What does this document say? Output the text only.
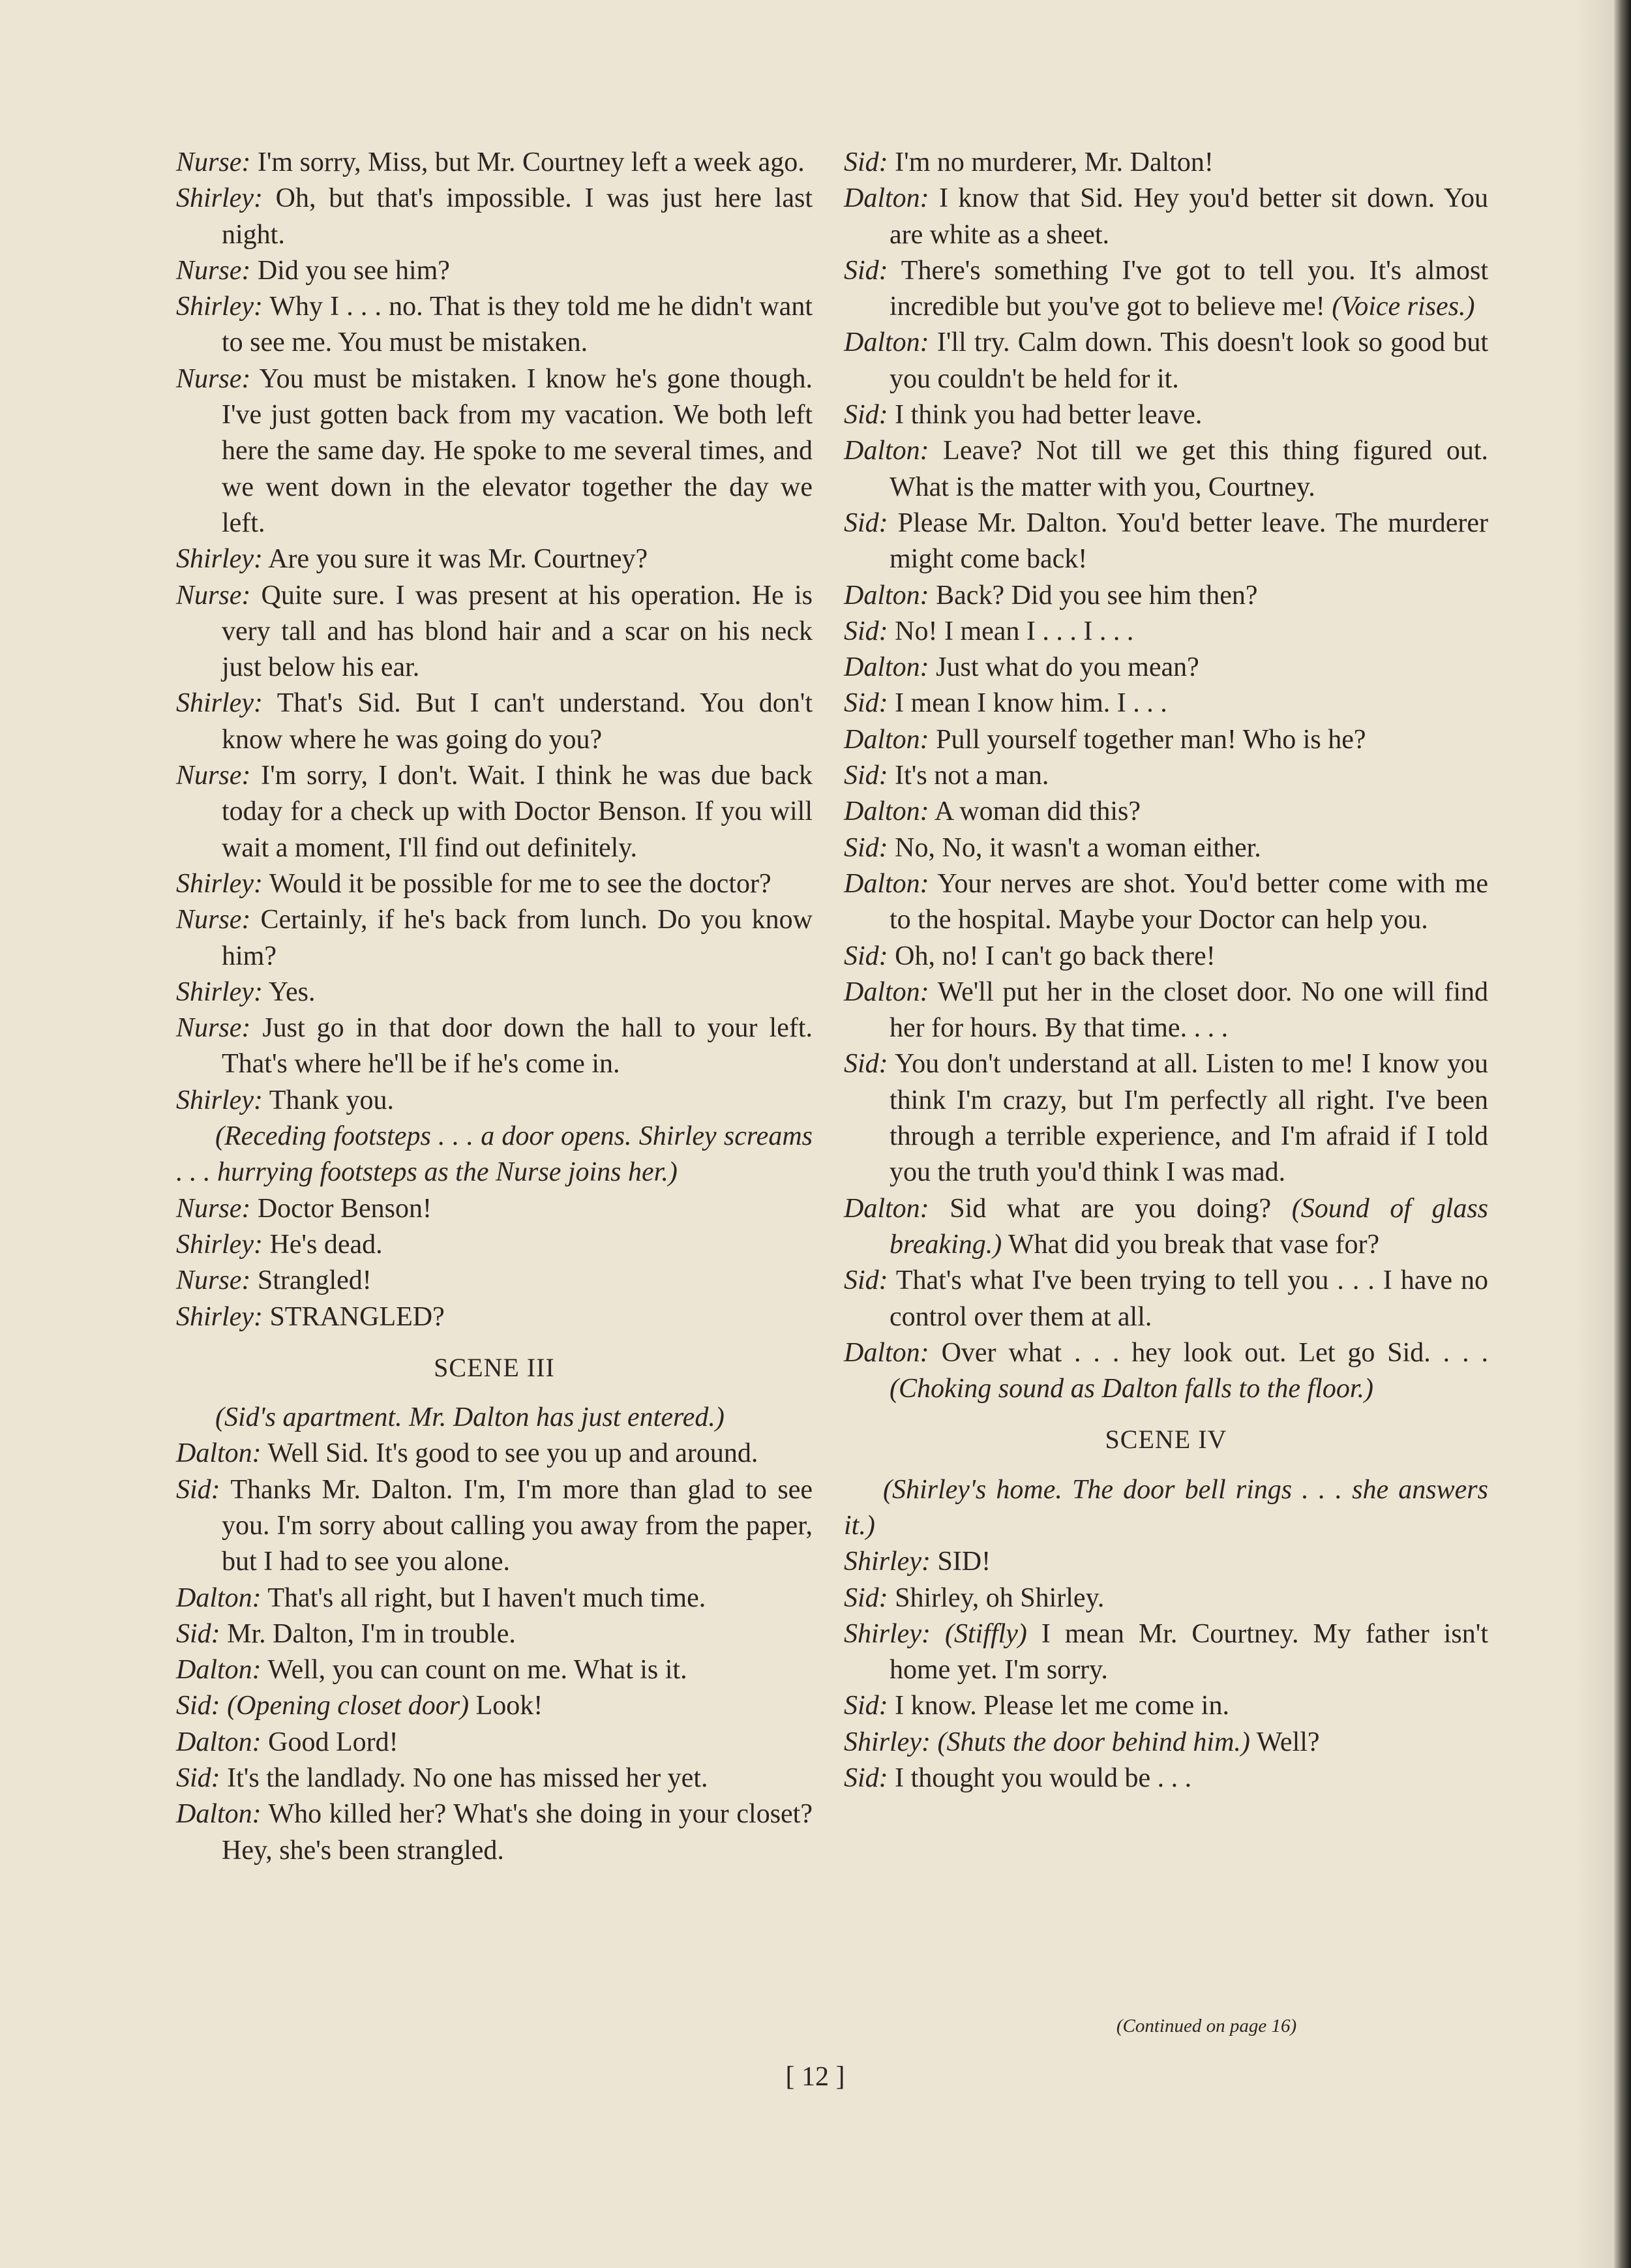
Nurse: I'm sorry, Miss, but Mr. Courtney left a week ago.

Shirley: Oh, but that's impossible. I was just here last night.

Nurse: Did you see him?

Shirley: Why I . . . no. That is they told me he didn't want to see me. You must be mistaken.

Nurse: You must be mistaken. I know he's gone though. I've just gotten back from my vacation. We both left here the same day. He spoke to me several times, and we went down in the elevator together the day we left.

Shirley: Are you sure it was Mr. Courtney?

Nurse: Quite sure. I was present at his operation. He is very tall and has blond hair and a scar on his neck just below his ear.

Shirley: That's Sid. But I can't understand. You don't know where he was going do you?

Nurse: I'm sorry, I don't. Wait. I think he was due back today for a check up with Doctor Benson. If you will wait a moment, I'll find out definitely.

Shirley: Would it be possible for me to see the doctor?

Nurse: Certainly, if he's back from lunch. Do you know him?

Shirley: Yes.

Nurse: Just go in that door down the hall to your left. That's where he'll be if he's come in.

Shirley: Thank you.

(Receding footsteps . . . a door opens. Shirley screams . . . hurrying footsteps as the Nurse joins her.)

Nurse: Doctor Benson!

Shirley: He's dead.

Nurse: Strangled!

Shirley: STRANGLED?

SCENE III

(Sid's apartment. Mr. Dalton has just entered.)

Dalton: Well Sid. It's good to see you up and around.

Sid: Thanks Mr. Dalton. I'm, I'm more than glad to see you. I'm sorry about calling you away from the paper, but I had to see you alone.

Dalton: That's all right, but I haven't much time.

Sid: Mr. Dalton, I'm in trouble.

Dalton: Well, you can count on me. What is it.

Sid: (Opening closet door) Look!

Dalton: Good Lord!

Sid: It's the landlady. No one has missed her yet.

Dalton: Who killed her? What's she doing in your closet? Hey, she's been strangled.

Sid: I'm no murderer, Mr. Dalton!

Dalton: I know that Sid. Hey you'd better sit down. You are white as a sheet.

Sid: There's something I've got to tell you. It's almost incredible but you've got to believe me! (Voice rises.)

Dalton: I'll try. Calm down. This doesn't look so good but you couldn't be held for it.

Sid: I think you had better leave.

Dalton: Leave? Not till we get this thing figured out. What is the matter with you, Courtney.

Sid: Please Mr. Dalton. You'd better leave. The murderer might come back!

Dalton: Back? Did you see him then?

Sid: No! I mean I . . . I . . .

Dalton: Just what do you mean?

Sid: I mean I know him. I . . .

Dalton: Pull yourself together man! Who is he?

Sid: It's not a man.

Dalton: A woman did this?

Sid: No, No, it wasn't a woman either.

Dalton: Your nerves are shot. You'd better come with me to the hospital. Maybe your Doctor can help you.

Sid: Oh, no! I can't go back there!

Dalton: We'll put her in the closet door. No one will find her for hours. By that time. . . .

Sid: You don't understand at all. Listen to me! I know you think I'm crazy, but I'm perfectly all right. I've been through a terrible experience, and I'm afraid if I told you the truth you'd think I was mad.

Dalton: Sid what are you doing? (Sound of glass breaking.) What did you break that vase for?

Sid: That's what I've been trying to tell you . . . I have no control over them at all.

Dalton: Over what . . . hey look out. Let go Sid. . . . (Choking sound as Dalton falls to the floor.)

SCENE IV

(Shirley's home. The door bell rings . . . she answers it.)

Shirley: SID!

Sid: Shirley, oh Shirley.

Shirley: (Stiffly) I mean Mr. Courtney. My father isn't home yet. I'm sorry.

Sid: I know. Please let me come in.

Shirley: (Shuts the door behind him.) Well?

Sid: I thought you would be . . .

(Continued on page 16)
[ 12 ]
